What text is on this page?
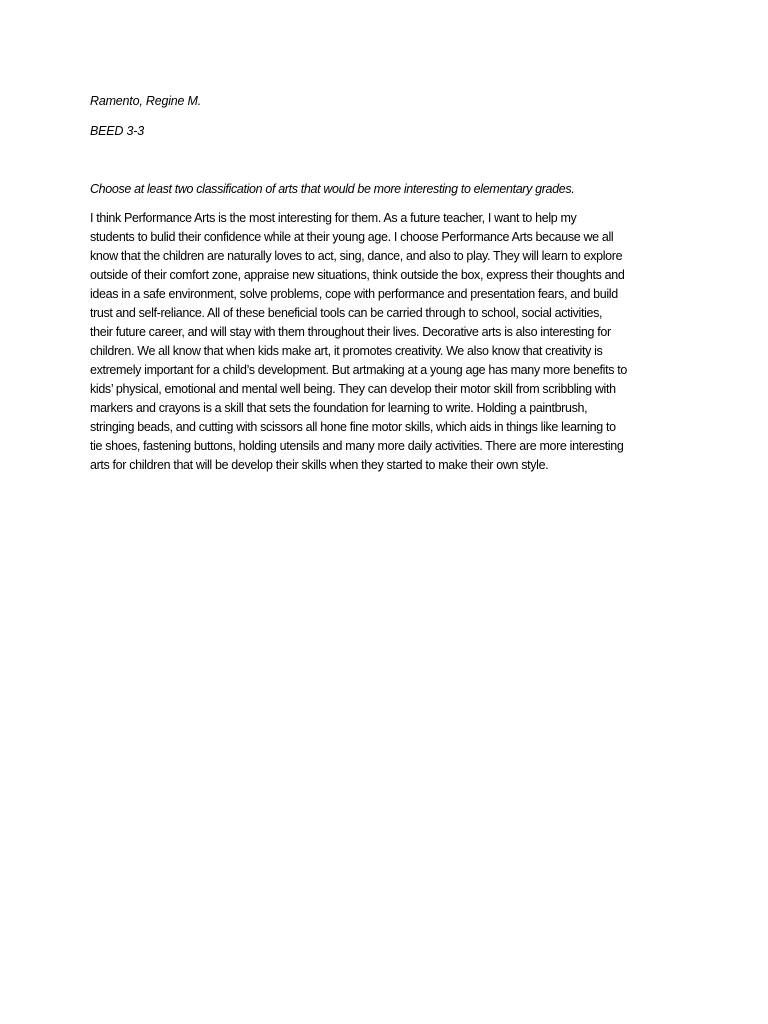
Ramento, Regine M.
BEED 3-3
Choose at least two classification of arts that would be more interesting to elementary grades.
I think Performance Arts is the most interesting for them. As a future teacher, I want to help my
students to bulid their confidence while at their young age. I choose Performance Arts because we all
know that the children are naturally loves to act, sing, dance, and also to play. They will learn to explore
outside of their comfort zone, appraise new situations, think outside the box, express their thoughts and
ideas in a safe environment, solve problems, cope with performance and presentation fears, and build
trust and self-reliance. All of these beneficial tools can be carried through to school, social activities,
their future career, and will stay with them throughout their lives. Decorative arts is also interesting for
children. We all know that when kids make art, it promotes creativity. We also know that creativity is
extremely important for a child’s development. But artmaking at a young age has many more benefits to
kids’ physical, emotional and mental well being. They can develop their motor skill from scribbling with
markers and crayons is a skill that sets the foundation for learning to write. Holding a paintbrush,
stringing beads, and cutting with scissors all hone fine motor skills, which aids in things like learning to
tie shoes, fastening buttons, holding utensils and many more daily activities. There are more interesting
arts for children that will be develop their skills when they started to make their own style.
